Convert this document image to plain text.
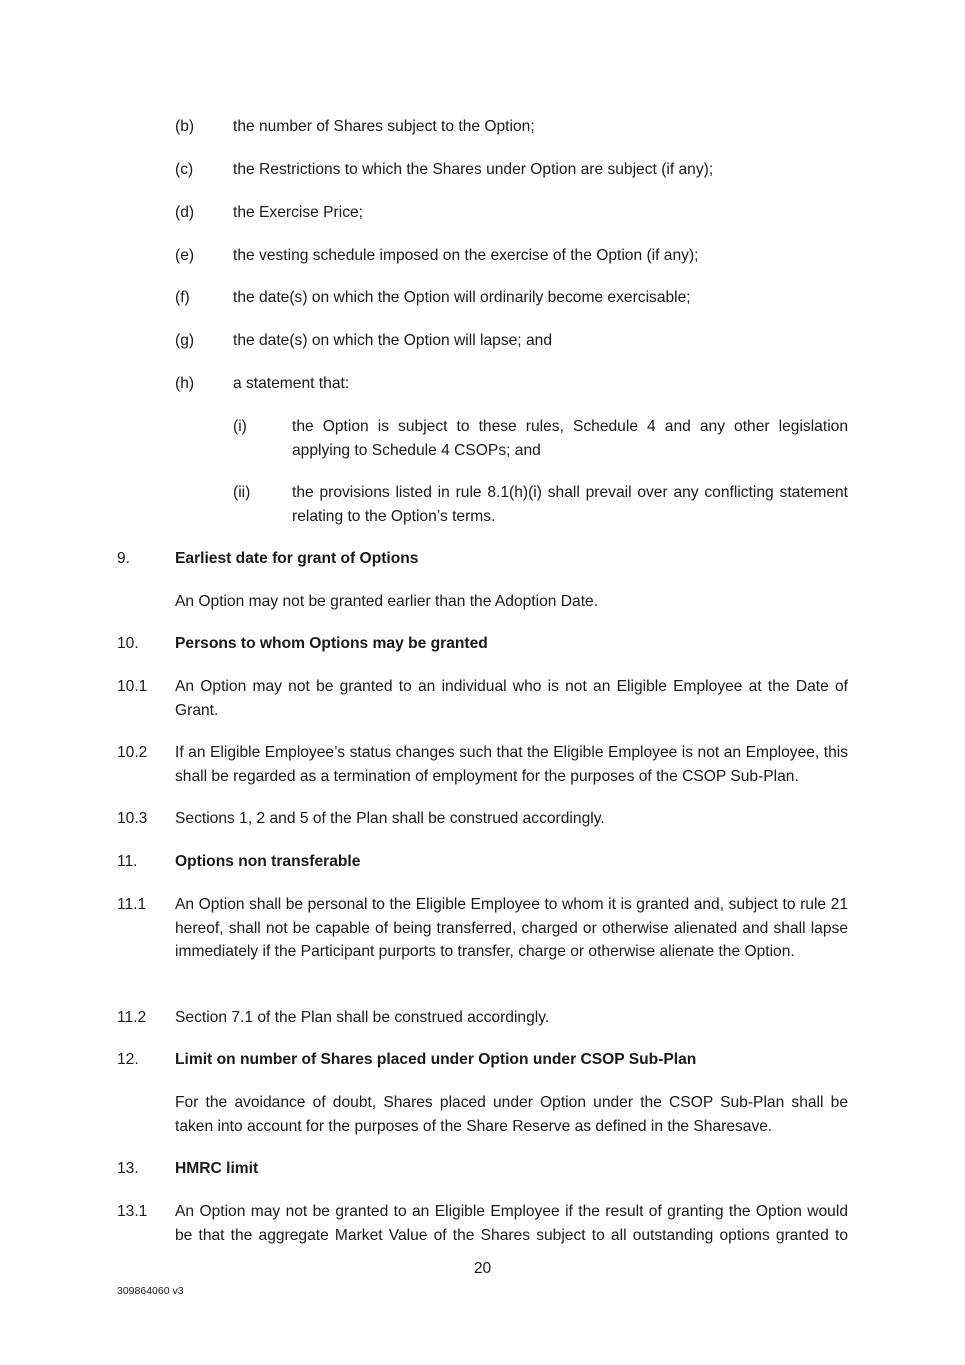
(b) the number of Shares subject to the Option;
(c)	the Restrictions to which the Shares under Option are subject (if any);
(d) the Exercise Price;
(e) the vesting schedule imposed on the exercise of the Option (if any);
(f)	the date(s) on which the Option will ordinarily become exercisable;
(g) the date(s) on which the Option will lapse; and
(h) a statement that:
(i)	the Option is subject to these rules, Schedule 4 and any other legislation applying to Schedule 4 CSOPs; and
(ii)	the provisions listed in rule 8.1(h)(i) shall prevail over any conflicting statement relating to the Option’s terms.
9.	Earliest date for grant of Options
An Option may not be granted earlier than the Adoption Date.
10. Persons to whom Options may be granted
10.1 An Option may not be granted to an individual who is not an Eligible Employee at the Date of Grant.
10.2 If an Eligible Employee’s status changes such that the Eligible Employee is not an Employee, this shall be regarded as a termination of employment for the purposes of the CSOP Sub-Plan.
10.3 Sections 1, 2 and 5 of the Plan shall be construed accordingly.
11. Options non transferable
11.1 An Option shall be personal to the Eligible Employee to whom it is granted and, subject to rule 21 hereof, shall not be capable of being transferred, charged or otherwise alienated and shall lapse immediately if the Participant purports to transfer, charge or otherwise alienate the Option.
11.2 Section 7.1 of the Plan shall be construed accordingly.
12. Limit on number of Shares placed under Option under CSOP Sub-Plan
For the avoidance of doubt, Shares placed under Option under the CSOP Sub-Plan shall be taken into account for the purposes of the Share Reserve as defined in the Sharesave.
13. HMRC limit
13.1 An Option may not be granted to an Eligible Employee if the result of granting the Option would be that the aggregate Market Value of the Shares subject to all outstanding options granted to
20
309864060 v3
